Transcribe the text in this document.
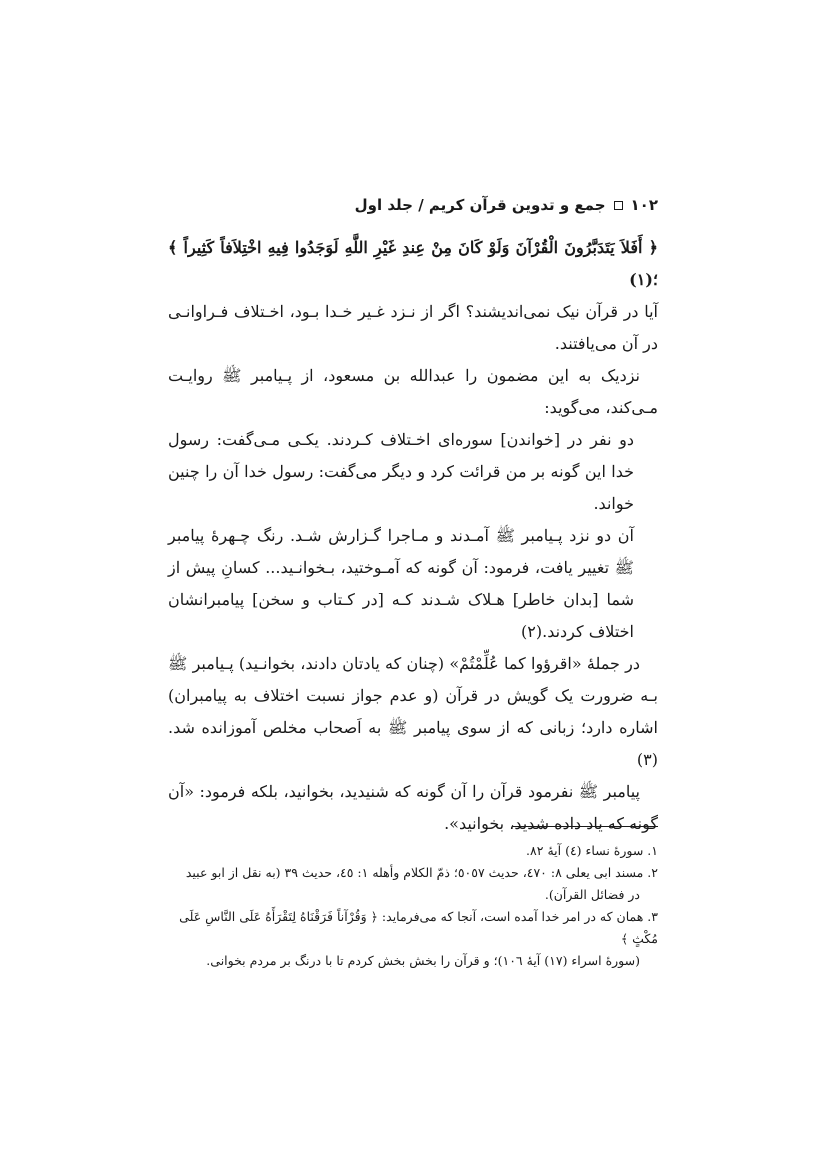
۱۰۲
جمع و تدوین قرآن کریم / جلد اول

﴿ أَفَلاَ يَتَدَبَّرُونَ الْقُرْآنَ وَلَوْ كَانَ مِنْ عِندِ غَيْرِ اللَّهِ لَوَجَدُوا فِيهِ اخْتِلاَفاً كَثِيراً ﴾ ؛(۱)

آیا در قرآن نیک نمی‌اندیشند؟ اگر از نـزد غـیر خـدا بـود، اخـتلاف فـراوانـی در آن می‌یافتند.

نزدیک به این مضمون را عبدالله بن مسعود، از پـیامبر ﷺ روایـت مـی‌کند، می‌گوید:

دو نفر در [خواندن] سوره‌ای اخـتلاف کـردند. یکـی مـی‌گفت: رسول خدا این گونه بر من قرائت کرد و دیگر می‌گفت: رسول خدا آن را چنین خواند.

آن دو نزد پـیامبر ﷺ آمـدند و مـاجرا گـزارش شـد. رنگ چـهرهٔ پیامبر ﷺ تغییر یافت، فرمود: آن گونه که آمـوختید، بـخوانـید... کسانِ پیش از شما [بدان خاطر] هـلاک شـدند کـه [در کـتاب و سخن] پیامبرانشان اختلاف کردند.(۲)

در جملهٔ «اقرؤوا کما عُلِّمْتُمْ» (چنان که یادتان دادند، بخوانـید) پـیامبر ﷺ بـه ضرورت یک گویش در قرآن (و عدم جواز نسبت اختلاف به پیامبران) اشاره دارد؛ زبانی که از سوی پیامبر ﷺ به اَصحاب مخلص آموزانده شد.(۳)

پیامبر ﷺ نفرمود قرآن را آن گونه که شنیدید، بخوانید، بلکه فرمود: «آن گونه که یاد داده شدید، بخوانید».

۱. سورهٔ نساء (٤) آیهٔ ۸۲.

۲. مسند ابی یعلی ۸: ٤۷۰، حدیث ٥۰٥۷؛ ذمّ الکلام وأهله ۱: ٤٥، حدیث ۳۹ (به نقل از ابو عبید

در فضائل القرآن).

۳. همان که در امر خدا آمده است، آنجا که می‌فرماید: ﴿ وَقُرْآناً فَرَقْنَاهُ لِتَقْرَأَهُ عَلَى النَّاسِ عَلَى مُكْثٍ ﴾

(سورهٔ اسراء (۱۷) آیهٔ ۱۰٦)؛ و قرآن را بخش بخش کردم تا با درنگ بر مردم بخوانی.
